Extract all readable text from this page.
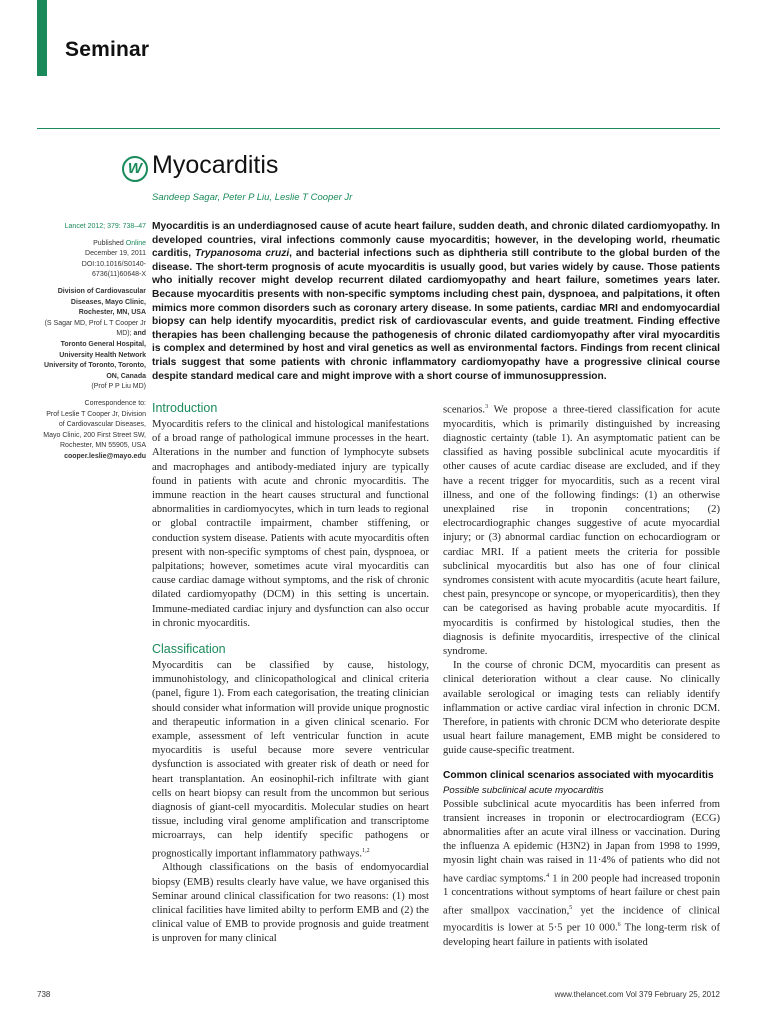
Seminar
W Myocarditis
Sandeep Sagar, Peter P Liu, Leslie T Cooper Jr
Lancet 2012; 379: 738–47
Published Online
December 19, 2011
DOI:10.1016/S0140-
6736(11)60648-X
Division of Cardiovascular Diseases, Mayo Clinic, Rochester, MN, USA
(S Sagar MD, Prof L T Cooper Jr MD); and
Toronto General Hospital, University Health Network University of Toronto, Toronto, ON, Canada
(Prof P P Liu MD)
Correspondence to:
Prof Leslie T Cooper Jr, Division of Cardiovascular Diseases, Mayo Clinic, 200 First Street SW, Rochester, MN 55905, USA
cooper.leslie@mayo.edu
Myocarditis is an underdiagnosed cause of acute heart failure, sudden death, and chronic dilated cardiomyopathy. In developed countries, viral infections commonly cause myocarditis; however, in the developing world, rheumatic carditis, Trypanosoma cruzi, and bacterial infections such as diphtheria still contribute to the global burden of the disease. The short-term prognosis of acute myocarditis is usually good, but varies widely by cause. Those patients who initially recover might develop recurrent dilated cardiomyopathy and heart failure, sometimes years later. Because myocarditis presents with non-specific symptoms including chest pain, dyspnoea, and palpitations, it often mimics more common disorders such as coronary artery disease. In some patients, cardiac MRI and endomyocardial biopsy can help identify myocarditis, predict risk of cardiovascular events, and guide treatment. Finding effective therapies has been challenging because the pathogenesis of chronic dilated cardiomyopathy after viral myocarditis is complex and determined by host and viral genetics as well as environmental factors. Findings from recent clinical trials suggest that some patients with chronic inflammatory cardiomyopathy have a progressive clinical course despite standard medical care and might improve with a short course of immunosuppression.
Introduction

Myocarditis refers to the clinical and histological manifestations of a broad range of pathological immune processes in the heart. Alterations in the number and function of lymphocyte subsets and macrophages and antibody-mediated injury are typically found in patients with acute and chronic myocarditis. The immune reaction in the heart causes structural and functional abnormalities in cardiomyocytes, which in turn leads to regional or global contractile impairment, chamber stiffening, or conduction system disease. Patients with acute myocarditis often present with non-specific symptoms of chest pain, dyspnoea, or palpitations; however, sometimes acute viral myocarditis can cause cardiac damage without symptoms, and the risk of chronic dilated cardiomyopathy (DCM) in this setting is uncertain. Immune-mediated cardiac injury and dysfunction can also occur in chronic myocarditis.

Classification

Myocarditis can be classified by cause, histology, immunohistology, and clinicopathological and clinical criteria (panel, figure 1). From each categorisation, the treating clinician should consider what information will provide unique prognostic and therapeutic information in a given clinical scenario. For example, assessment of left ventricular function in acute myocarditis is useful because more severe ventricular dysfunction is associated with greater risk of death or need for heart transplantation. An eosinophil-rich infiltrate with giant cells on heart biopsy can result from the uncommon but serious diagnosis of giant-cell myocarditis. Molecular studies on heart tissue, including viral genome amplification and transcriptome microarrays, can help identify specific pathogens or prognostically important inflammatory pathways.$^{1,2}$

Although classifications on the basis of endomyocardial biopsy (EMB) results clearly have value, we have organised this Seminar around clinical classification for two reasons: (1) most clinical facilities have limited abilty to perform EMB and (2) the clinical value of EMB to provide prognosis and guide treatment is unproven for many clinical

scenarios.$^3$ We propose a three-tiered classification for acute myocarditis, which is primarily distinguished by increasing diagnostic certainty (table 1). An asymptomatic patient can be classified as having possible subclinical acute myocarditis if other causes of acute cardiac disease are excluded, and if they have a recent trigger for myocarditis, such as a recent viral illness, and one of the following findings: (1) an otherwise unexplained rise in troponin concentrations; (2) electrocardiographic changes suggestive of acute myocardial injury; or (3) abnormal cardiac function on echocardiogram or cardiac MRI. If a patient meets the criteria for possible subclinical myocarditis but also has one of four clinical syndromes consistent with acute myocarditis (acute heart failure, chest pain, presyncope or syncope, or myopericarditis), then they can be categorised as having probable acute myocarditis. If myocarditis is confirmed by histological studies, then the diagnosis is definite myocarditis, irrespective of the clinical syndrome.

In the course of chronic DCM, myocarditis can present as clinical deterioration without a clear cause. No clinically available serological or imaging tests can reliably identify inflammation or active cardiac viral infection in chronic DCM. Therefore, in patients with chronic DCM who deteriorate despite usual heart failure management, EMB might be considered to guide cause-specific treatment.

Common clinical scenarios associated with myocarditis
Possible subclinical acute myocarditis

Possible subclinical acute myocarditis has been inferred from transient increases in troponin or electrocardiogram (ECG) abnormalities after an acute viral illness or vaccination. During the influenza A epidemic (H3N2) in Japan from 1998 to 1999, myosin light chain was raised in 11·4% of patients who did not have cardiac symptoms.$^4$ 1 in 200 people had increased troponin 1 concentrations without symptoms of heart failure or chest pain after smallpox vaccination,$^5$ yet the incidence of clinical myocarditis is lower at 5·5 per 10 000.$^6$ The long-term risk of developing heart failure in patients with isolated

738	www.thelancet.com Vol 379 February 25, 2012
